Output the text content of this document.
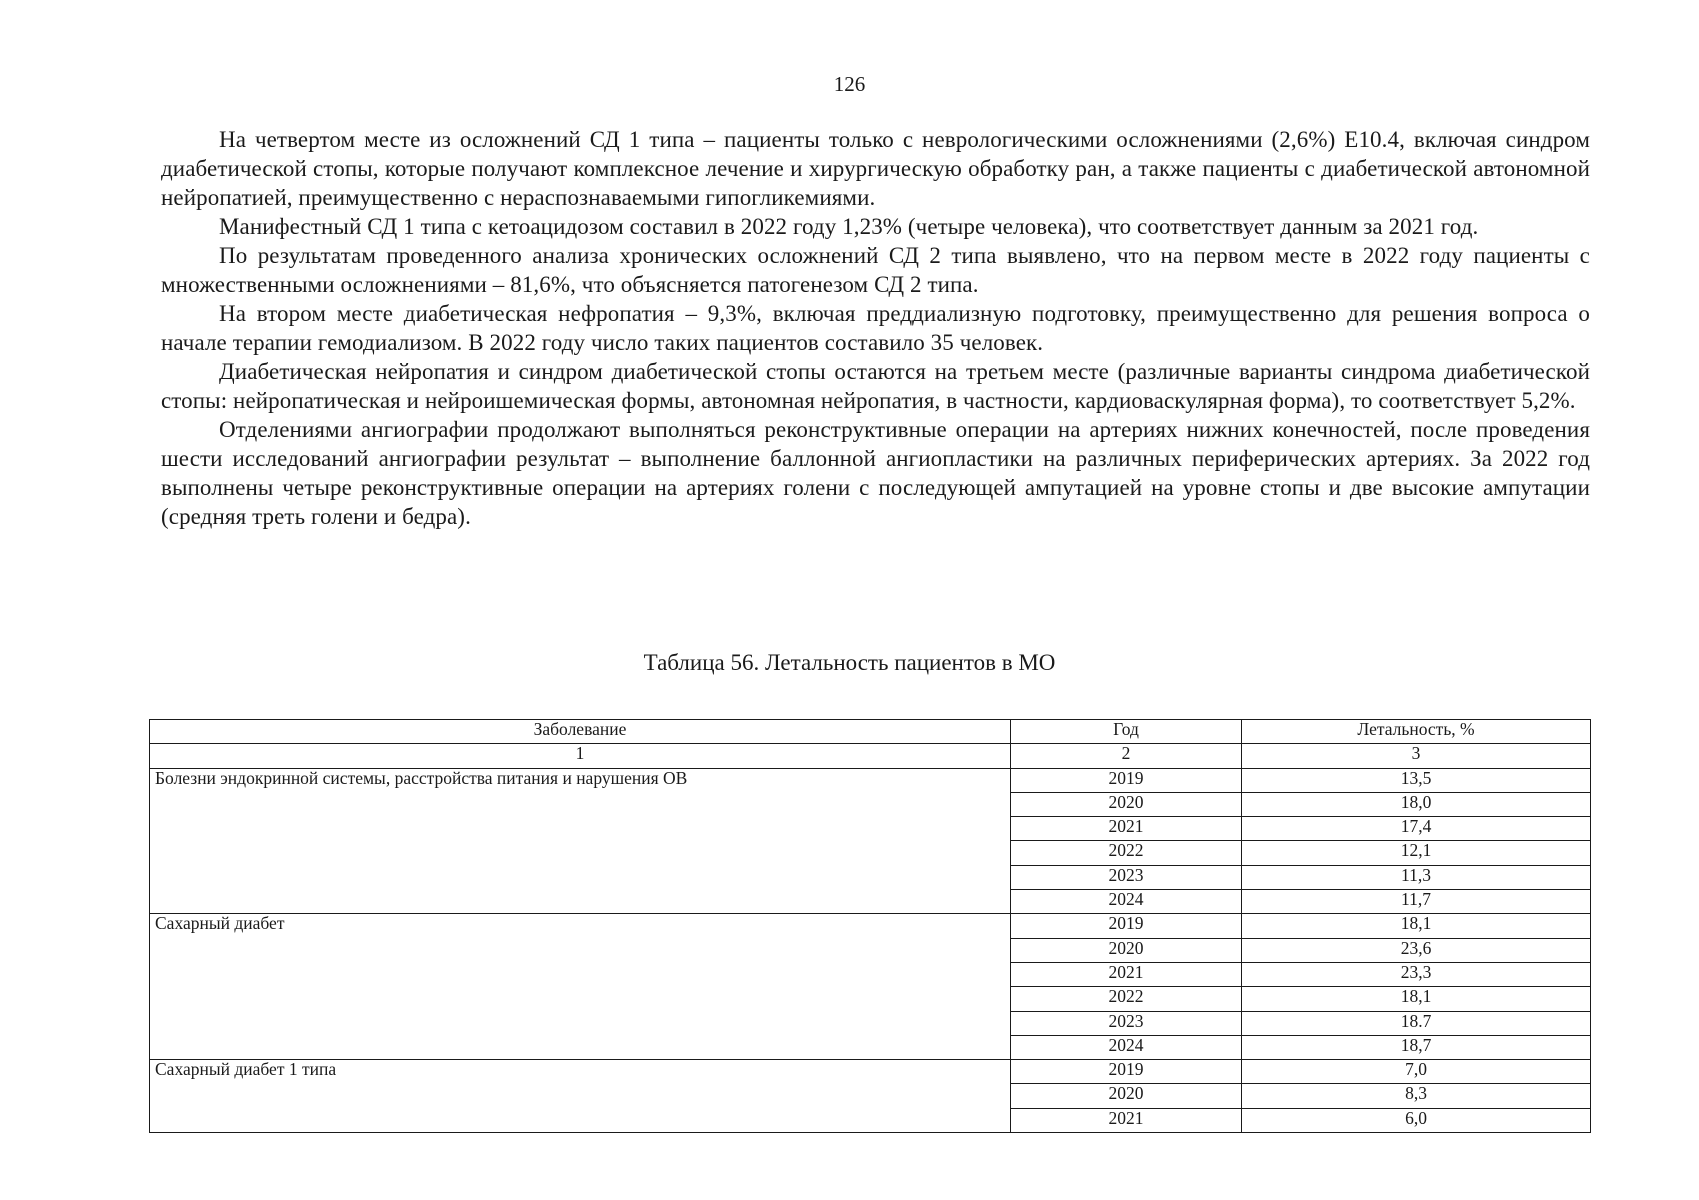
126

На четвертом месте из осложнений СД 1 типа – пациенты только с неврологическими осложнениями (2,6%) Е10.4, включая синдром диабетической стопы, которые получают комплексное лечение и хирургическую обработку ран, а также пациенты с диабетической автономной нейропатией, преимущественно с нераспознаваемыми гипогликемиями.

Манифестный СД 1 типа с кетоацидозом составил в 2022 году 1,23% (четыре человека), что соответствует данным за 2021 год.

По результатам проведенного анализа хронических осложнений СД 2 типа выявлено, что на первом месте в 2022 году пациенты с множественными осложнениями – 81,6%, что объясняется патогенезом СД 2 типа.

На втором месте диабетическая нефропатия – 9,3%, включая преддиализную подготовку, преимущественно для решения вопроса о начале терапии гемодиализом. В 2022 году число таких пациентов составило 35 человек.

Диабетическая нейропатия и синдром диабетической стопы остаются на третьем месте (различные варианты синдрома диабетической стопы: нейропатическая и нейроишемическая формы, автономная нейропатия, в частности, кардиоваскулярная форма), то соответствует 5,2%.

Отделениями ангиографии продолжают выполняться реконструктивные операции на артериях нижних конечностей, после проведения шести исследований ангиографии результат – выполнение баллонной ангиопластики на различных периферических артериях. За 2022 год выполнены четыре реконструктивные операции на артериях голени с последующей ампутацией на уровне стопы и две высокие ампутации (средняя треть голени и бедра).

Таблица 56. Летальность пациентов в МО
Заболевание	Год	Летальность, %
1	2	3
Болезни эндокринной системы, расстройства питания и нарушения ОВ	2019	13,5
	2020	18,0
	2021	17,4
	2022	12,1
	2023	11,3
	2024	11,7
Сахарный диабет	2019	18,1
	2020	23,6
	2021	23,3
	2022	18,1
	2023	18.7
	2024	18,7
Сахарный диабет 1 типа	2019	7,0
	2020	8,3
	2021	6,0
